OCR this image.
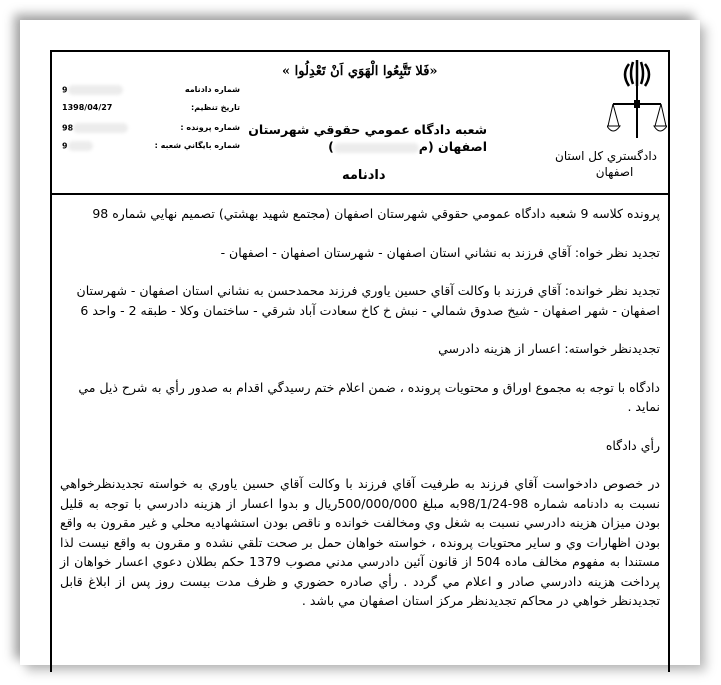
«فَلا تَتَّبِعُوا الْهَوَي اَنْ تَعْدِلُوا »
9	شماره دادنامه
1398/04/27	تاريخ تنظيم:
98	شماره پرونده :
9	شماره بايگاني شعبه :
شعبه دادگاه عمومي حقوقي شهرستان
اصفهان (م)
دادنامه
دادگستري کل استان
اصفهان

پرونده کلاسه 9 شعبه دادگاه عمومي حقوقي شهرستان اصفهان (مجتمع شهيد بهشتي) تصميم نهايي شماره 98

تجديد نظر خواه: آقاي فرزند به نشاني استان اصفهان - شهرستان اصفهان - اصفهان -

تجديد نظر خوانده: آقاي فرزند با وكالت آقاي حسين ياوري فرزند محمدحسن به نشاني استان اصفهان - شهرستان اصفهان - شهر اصفهان - شيخ صدوق شمالي - نبش خ كاخ سعادت آباد شرقي - ساختمان وكلا - طبقه 2 - واحد 6

تجديدنظر خواسته: اعسار از هزينه دادرسي

دادگاه با توجه به مجموع اوراق و محتويات پرونده ، ضمن اعلام ختم رسيدگي اقدام به صدور رأي به شرح ذيل مي نمايد .

رأي دادگاه

در خصوص دادخواست آقاي فرزند به طرفيت آقاي فرزند با وكالت آقاي حسين ياوري به خواسته تجديدنظرخواهي نسبت به دادنامه شماره 98-98/1/24به مبلغ 500/000/000ريال و بدوا اعسار از هزينه دادرسي با توجه به قليل بودن ميزان هزينه دادرسي نسبت به شغل وي ومخالفت خوانده و ناقص بودن استشهاديه محلي و غير مقرون به واقع بودن اظهارات وي و ساير محتويات پرونده ، خواسته خواهان حمل بر صحت تلقي نشده و مقرون به واقع نيست لذا مستندا به مفهوم مخالف ماده 504 از قانون آئين دادرسي مدني مصوب 1379 حكم بطلان دعوي اعسار خواهان از پرداخت هزينه دادرسي صادر و اعلام مي گردد . رأي صادره حضوري و ظرف مدت بيست روز پس از ابلاغ قابل تجديدنظر خواهي در محاكم تجديدنظر مركز استان اصفهان مي باشد .
